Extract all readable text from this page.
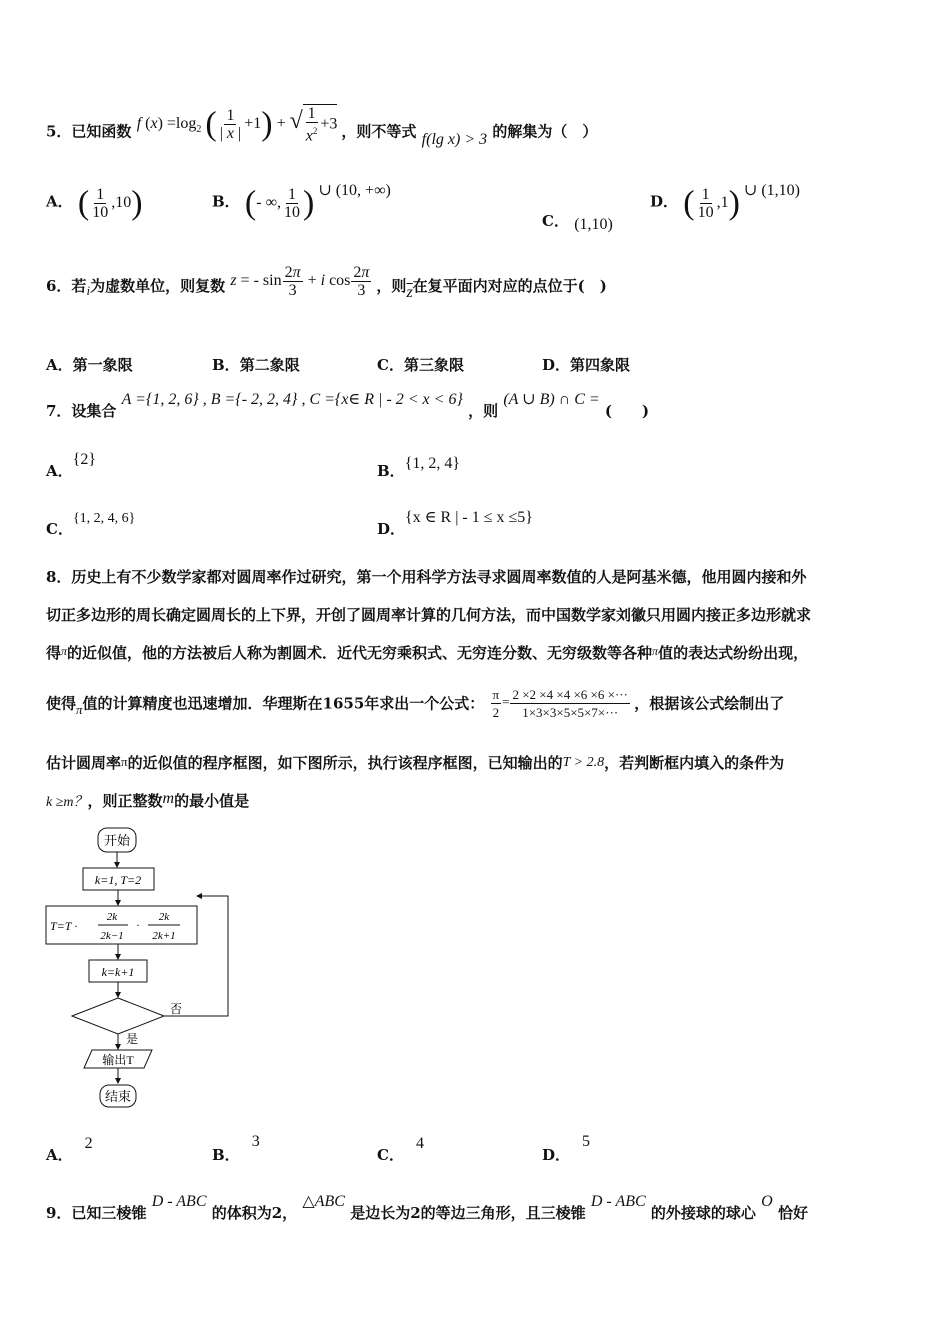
5．已知函数 f $(x) =\log_2$ ( $\frac{1}{| x |} +1$) + √ $\frac{1}{x^2} +3$ ，则不等式 f(lg x) > 3 的解集为（　）
A． ( $\frac{1}{10} ,10$)	B． (- ∞, $\frac{1}{10}$ ) ∪ (10, +∞)
C． (1,10)
D． ( $\frac{1}{10} ,1$) ∪ (1,10)
6．若i为虚数单位，则复数 z = - $\sin \frac{2\pi}{3} + i$ $\cos \frac{2\pi}{3}$ ，则$\overline{z}$在复平面内对应的点位于(　)
A．第一象限	B．第二象限	C．第三象限	D．第四象限
7．设集合 A ={1, 2, 6} , B ={- 2, 2, 4} , C ={x∈ R | - 2 < x < 6} ，则 (A ∪ B) ∩ C = (　　)
A．{2}
B．{1, 2, 4}
C．{1, 2, 4, 6}
D．{x ∈ R | - 1 ≤ x ≤5}
8．历史上有不少数学家都对圆周率作过研究，第一个用科学方法寻求圆周率数值的人是阿基米德，他用圆内接和外
切正多边形的周长确定圆周长的上下界，开创了圆周率计算的几何方法，而中国数学家刘徽只用圆内接正多边形就求
得$^\pi$的近似值，他的方法被后人称为割圆术．近代无穷乘积式、无穷连分数、无穷级数等各种$^\pi$值的表达式纷纷出现，
使得π值的计算精度也迅速增加．华理斯在1655年求出一个公式： $\frac{\pi}{2} = \frac{2 \times 2 \times 4 \times 4 \times 6 \times 6 \times\cdot\cdot\cdot}{1\times 3\times 3\times 5\times 5\times 7\times\cdot\cdot\cdot}$ ，根据该公式绘制出了
估计圆周率π的近似值的程序框图，如下图所示，执行该程序框图，已知输出的T > 2.8，若判断框内填入的条件为
k ≥m？，则正整数m的最小值是
开始
k=1, T=2
T=T ·
2k
2k−1
·
2k
2k+1
k=k+1
否
是
输出T
结束
A．2
B．3
C．4
D．5
9．已知三棱锥 D - ABC 的体积为2， △ABC 是边长为2的等边三角形，且三棱锥 D - ABC 的外接球的球心 O 恰好
